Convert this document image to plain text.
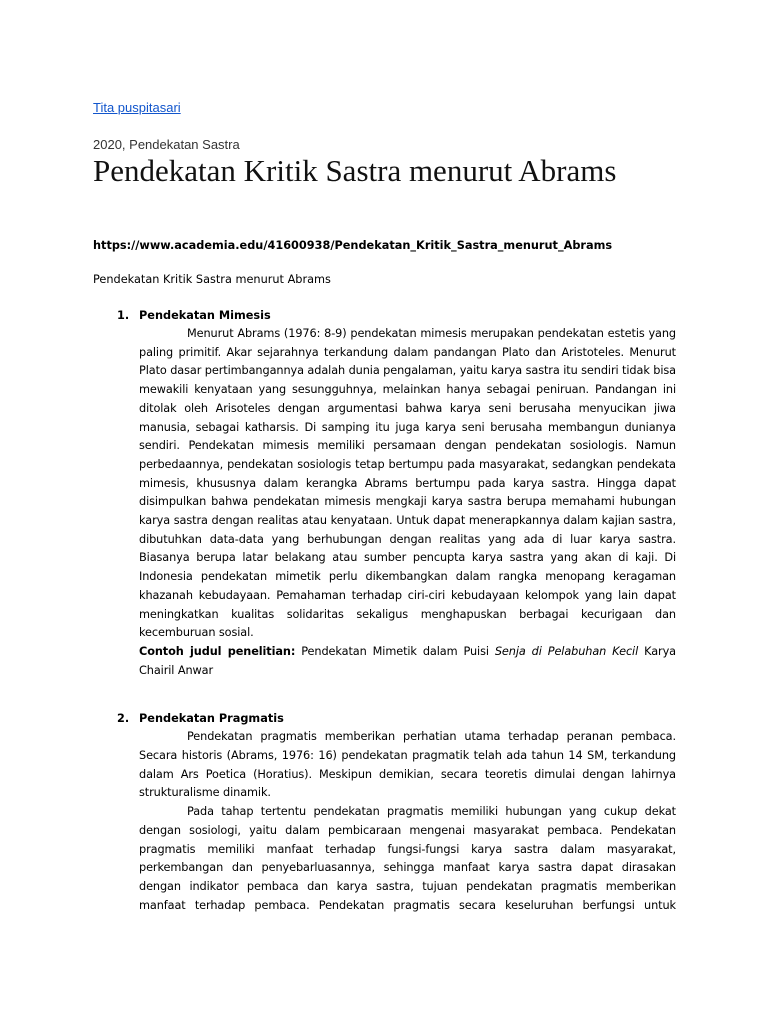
Tita puspitasari
2020, Pendekatan Sastra
Pendekatan Kritik Sastra menurut Abrams

https://www.academia.edu/41600938/Pendekatan_Kritik_Sastra_menurut_Abrams

Pendekatan Kritik Sastra menurut Abrams

1. Pendekatan Mimesis

Menurut Abrams (1976: 8-9) pendekatan mimesis merupakan pendekatan estetis yang paling primitif. Akar sejarahnya terkandung dalam pandangan Plato dan Aristoteles. Menurut Plato dasar pertimbangannya adalah dunia pengalaman, yaitu karya sastra itu sendiri tidak bisa mewakili kenyataan yang sesungguhnya, melainkan hanya sebagai peniruan. Pandangan ini ditolak oleh Arisoteles dengan argumentasi bahwa karya seni berusaha menyucikan jiwa manusia, sebagai katharsis. Di samping itu juga karya seni berusaha membangun dunianya sendiri. Pendekatan mimesis memiliki persamaan dengan pendekatan sosiologis. Namun perbedaannya, pendekatan sosiologis tetap bertumpu pada masyarakat, sedangkan pendekata mimesis, khususnya dalam kerangka Abrams bertumpu pada karya sastra. Hingga dapat disimpulkan bahwa pendekatan mimesis mengkaji karya sastra berupa memahami hubungan karya sastra dengan realitas atau kenyataan. Untuk dapat menerapkannya dalam kajian sastra, dibutuhkan data-data yang berhubungan dengan realitas yang ada di luar karya sastra. Biasanya berupa latar belakang atau sumber pencupta karya sastra yang akan di kaji. Di Indonesia pendekatan mimetik perlu dikembangkan dalam rangka menopang keragaman khazanah kebudayaan. Pemahaman terhadap ciri-ciri kebudayaan kelompok yang lain dapat meningkatkan kualitas solidaritas sekaligus menghapuskan berbagai kecurigaan dan kecemburuan sosial.

Contoh judul penelitian: Pendekatan Mimetik dalam Puisi Senja di Pelabuhan Kecil Karya Chairil Anwar

2. Pendekatan Pragmatis

Pendekatan pragmatis memberikan perhatian utama terhadap peranan pembaca. Secara historis (Abrams, 1976: 16) pendekatan pragmatik telah ada tahun 14 SM, terkandung dalam Ars Poetica (Horatius). Meskipun demikian, secara teoretis dimulai dengan lahirnya strukturalisme dinamik.

Pada tahap tertentu pendekatan pragmatis memiliki hubungan yang cukup dekat dengan sosiologi, yaitu dalam pembicaraan mengenai masyarakat pembaca. Pendekatan pragmatis memiliki manfaat terhadap fungsi-fungsi karya sastra dalam masyarakat, perkembangan dan penyebarluasannya, sehingga manfaat karya sastra dapat dirasakan dengan indikator pembaca dan karya sastra, tujuan pendekatan pragmatis memberikan manfaat terhadap pembaca. Pendekatan pragmatis secara keseluruhan berfungsi untuk
